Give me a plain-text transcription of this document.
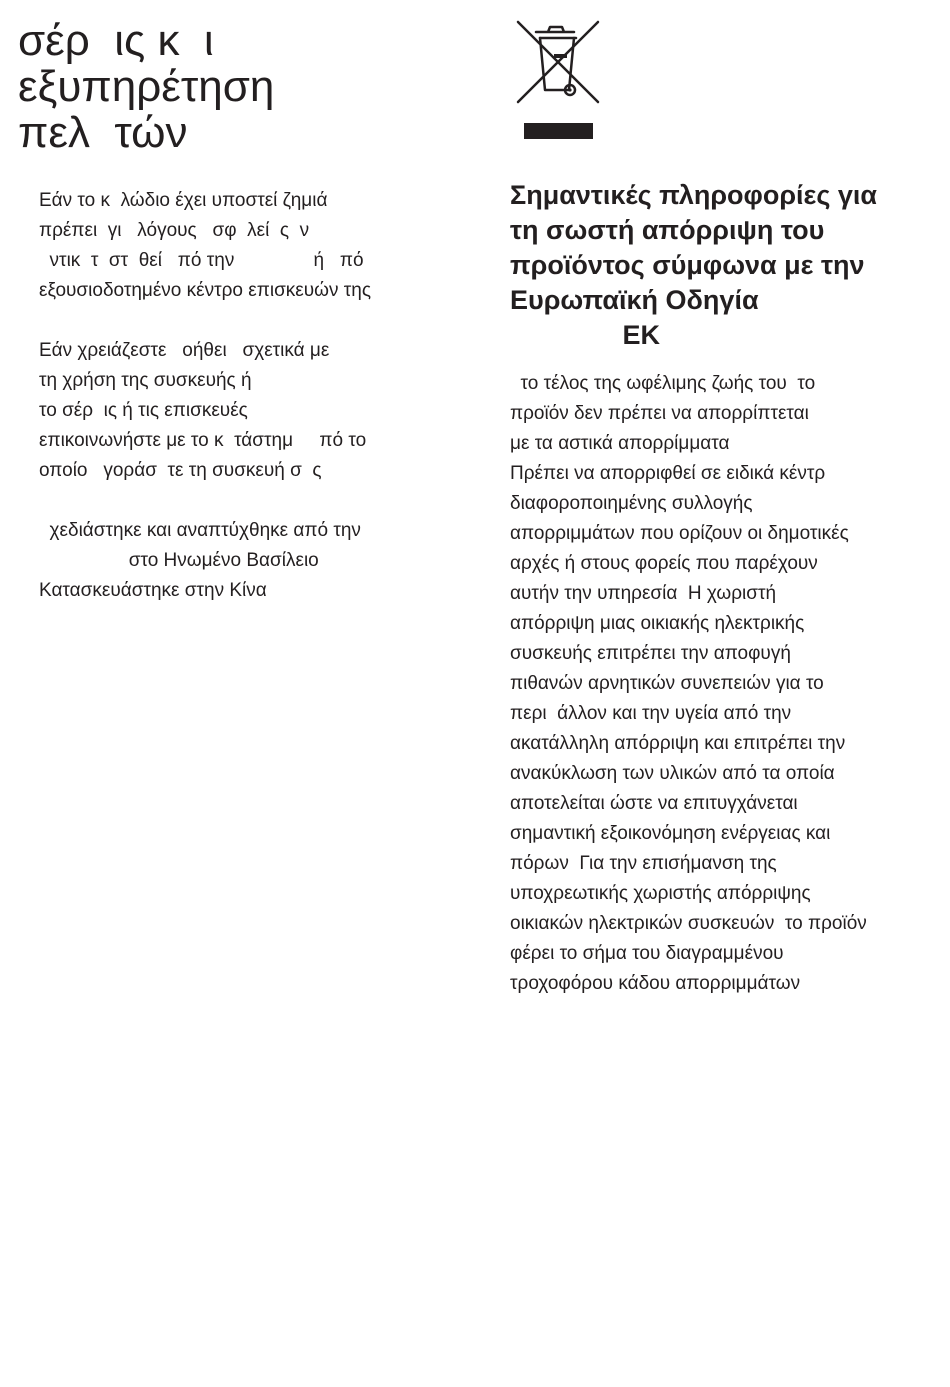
σέρ  ις κ  ι
εξυπηρέτηση
πελ  τών

Εάν το κ  λώδιο έχει υποστεί ζημιά
πρέπει  γι   λόγους   σφ  λεί  ς  ν
ντικ  τ  στ  θεί   πό την               ή   πό
εξουσιοδοτημένο κέντρο επισκευών της

Εάν χρειάζεστε   οήθει   σχετικά με
τη χρήση της συσκευής ή
το σέρ  ις ή τις επισκευές
επικοινωνήστε με το κ  τάστημ     πό το
οποίο   γοράσ  τε τη συσκευή σ  ς

χεδιάστηκε και αναπτύχθηκε από την
στο Ηνωμένο Βασίλειο
Κατασκευάστηκε στην Κίνα

Σημαντικές πληροφορίες για
τη σωστή απόρριψη του
προϊόντος σύμφωνα με την
Ευρωπαϊκή Οδηγία
ΕΚ
το τέλος της ωφέλιμης ζωής του  το
προϊόν δεν πρέπει να απορρίπτεται
με τα αστικά απορρίμματα
Πρέπει να απορριφθεί σε ειδικά κέντρ
διαφοροποιημένης συλλογής
απορριμμάτων που ορίζουν οι δημοτικές
αρχές ή στους φορείς που παρέχουν
αυτήν την υπηρεσία  Η χωριστή
απόρριψη μιας οικιακής ηλεκτρικής
συσκευής επιτρέπει την αποφυγή
πιθανών αρνητικών συνεπειών για το
περι  άλλον και την υγεία από την
ακατάλληλη απόρριψη και επιτρέπει την
ανακύκλωση των υλικών από τα οποία
αποτελείται ώστε να επιτυγχάνεται
σημαντική εξοικονόμηση ενέργειας και
πόρων  Για την επισήμανση της
υποχρεωτικής χωριστής απόρριψης
οικιακών ηλεκτρικών συσκευών  το προϊόν
φέρει το σήμα του διαγραμμένου
τροχοφόρου κάδου απορριμμάτων
